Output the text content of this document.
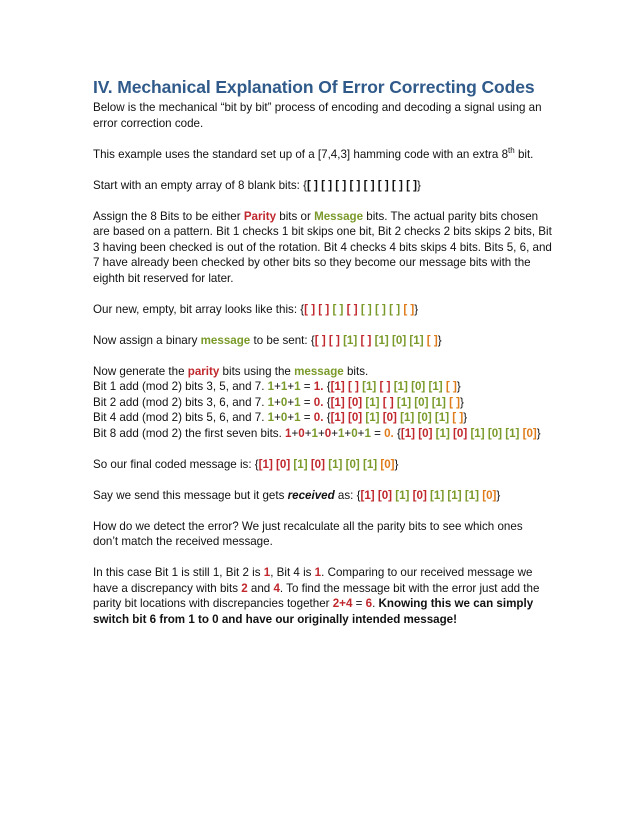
IV. Mechanical Explanation Of Error Correcting Codes

Below is the mechanical “bit by bit” process of encoding and decoding a signal using an

error correction code.

This example uses the standard set up of a [7,4,3] hamming code with an extra 8th bit.

Start with an empty array of 8 blank bits: {[ ] [ ] [ ] [ ] [ ] [ ] [ ] [ ]}

Assign the 8 Bits to be either Parity bits or Message bits. The actual parity bits chosen

are based on a pattern. Bit 1 checks 1 bit skips one bit, Bit 2 checks 2 bits skips 2 bits, Bit

3 having been checked is out of the rotation. Bit 4 checks 4 bits skips 4 bits. Bits 5, 6, and

7 have already been checked by other bits so they become our message bits with the

eighth bit reserved for later.

Our new, empty, bit array looks like this: {[ ] [ ] [ ] [ ] [ ] [ ] [ ] [ ]}

Now assign a binary message to be sent: {[ ] [ ] [1] [ ] [1] [0] [1] [ ]}

Now generate the parity bits using the message bits.

Bit 1 add (mod 2) bits 3, 5, and 7. 1+1+1 = 1. {[1] [ ] [1] [ ] [1] [0] [1] [ ]}

Bit 2 add (mod 2) bits 3, 6, and 7. 1+0+1 = 0. {[1] [0] [1] [ ] [1] [0] [1] [ ]}

Bit 4 add (mod 2) bits 5, 6, and 7. 1+0+1 = 0. {[1] [0] [1] [0] [1] [0] [1] [ ]}

Bit 8 add (mod 2) the first seven bits. 1+0+1+0+1+0+1 = 0. {[1] [0] [1] [0] [1] [0] [1] [0]}

So our final coded message is: {[1] [0] [1] [0] [1] [0] [1] [0]}

Say we send this message but it gets received as: {[1] [0] [1] [0] [1] [1] [1] [0]}

How do we detect the error? We just recalculate all the parity bits to see which ones

don’t match the received message.

In this case Bit 1 is still 1, Bit 2 is 1, Bit 4 is 1. Comparing to our received message we

have a discrepancy with bits 2 and 4. To find the message bit with the error just add the

parity bit locations with discrepancies together 2+4 = 6. Knowing this we can simply

switch bit 6 from 1 to 0 and have our originally intended message!
